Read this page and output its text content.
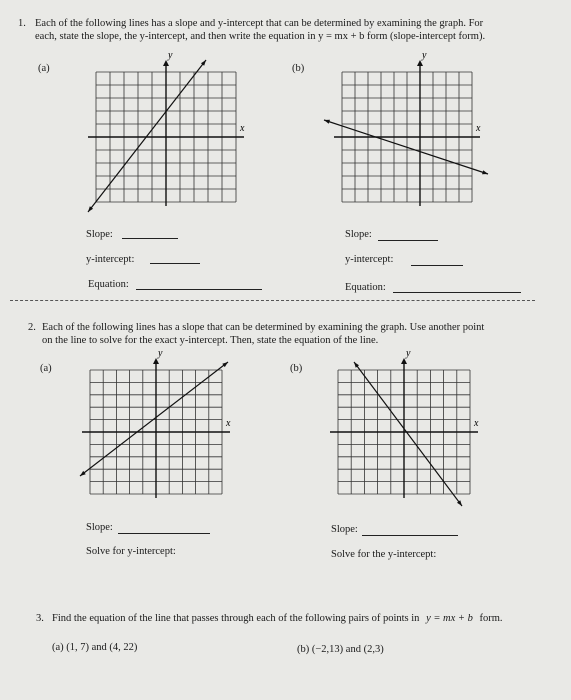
1. Each of the following lines has a slope and y-intercept that can be determined by examining the graph. For
each, state the slope, the y-intercept, and then write the equation in y = mx + b form (slope-intercept form).
(a)	(b)
x
y
x
y
Slope:
y-intercept:
Equation:
Slope:
y-intercept:
Equation:
2. Each of the following lines has a slope that can be determined by examining the graph. Use another point
on the line to solve for the exact y-intercept. Then, state the equation of the line.
(a)	(b)
x
y
x
y
Slope:
Solve for y-intercept:
Slope:
Solve for the y-intercept:
3. Find the equation of the line that passes through each of the following pairs of points in y = mx + b form.
(a) (1, 7) and (4, 22)	(b) (−2,13) and (2,3)
